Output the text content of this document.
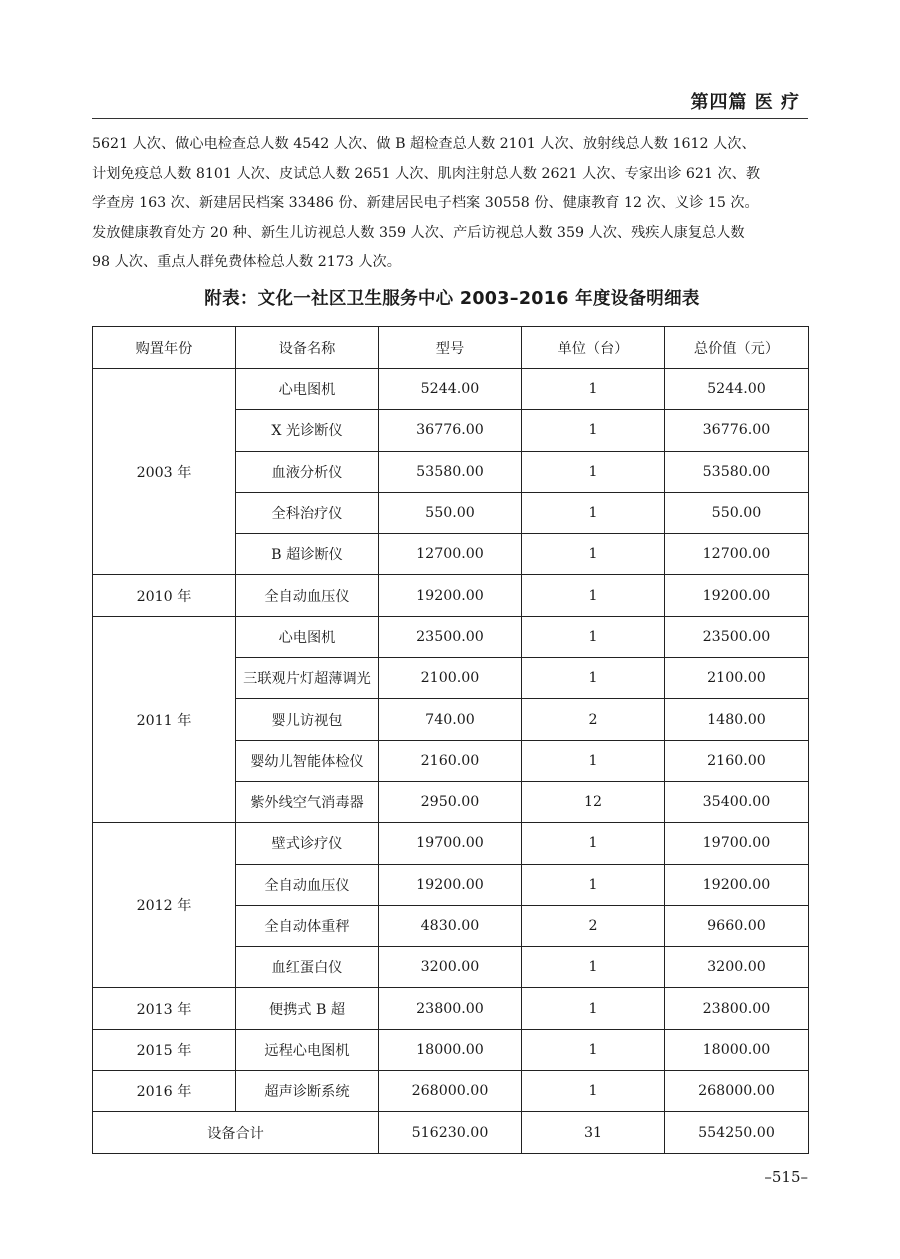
第四篇 医 疗

5621 人次、做心电检查总人数 4542 人次、做 B 超检查总人数 2101 人次、放射线总人数 1612 人次、

计划免疫总人数 8101 人次、皮试总人数 2651 人次、肌肉注射总人数 2621 人次、专家出诊 621 次、教

学查房 163 次、新建居民档案 33486 份、新建居民电子档案 30558 份、健康教育 12 次、义诊 15 次。

发放健康教育处方 20 种、新生儿访视总人数 359 人次、产后访视总人数 359 人次、残疾人康复总人数

98 人次、重点人群免费体检总人数 2173 人次。

附表：文化一社区卫生服务中心 2003–2016 年度设备明细表
购置年份	设备名称	型号	单位（台）	总价值（元）
2003 年	心电图机	5244.00	1	5244.00
	X 光诊断仪	36776.00	1	36776.00
	血液分析仪	53580.00	1	53580.00
	全科治疗仪	550.00	1	550.00
	B 超诊断仪	12700.00	1	12700.00
2010 年	全自动血压仪	19200.00	1	19200.00
2011 年	心电图机	23500.00	1	23500.00
	三联观片灯超薄调光	2100.00	1	2100.00
	婴儿访视包	740.00	2	1480.00
	婴幼儿智能体检仪	2160.00	1	2160.00
	紫外线空气消毒器	2950.00	12	35400.00
2012 年	壁式诊疗仪	19700.00	1	19700.00
	全自动血压仪	19200.00	1	19200.00
	全自动体重秤	4830.00	2	9660.00
	血红蛋白仪	3200.00	1	3200.00
2013 年	便携式 B 超	23800.00	1	23800.00
2015 年	远程心电图机	18000.00	1	18000.00
2016 年	超声诊断系统	268000.00	1	268000.00
设备合计		516230.00	31	554250.00
–515–
